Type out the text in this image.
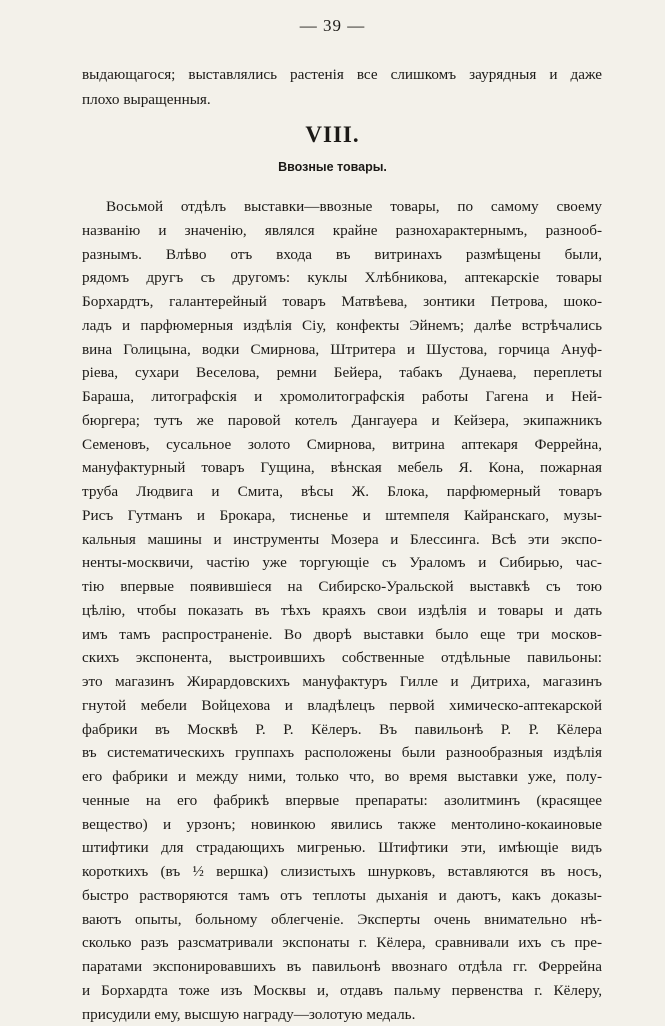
— 39 —
выдающагося; выставлялись растенія все слишкомъ заурядныя и даже
плохо выращенныя.
VIII.
Ввозные товары.
Восьмой отдѣлъ выставки—ввозные товары, по самому своему
названію и значенію, являлся крайне разнохарактернымъ, разнооб-
разнымъ. Влѣво отъ входа въ витринахъ размѣщены были,
рядомъ другъ съ другомъ: куклы Хлѣбникова, аптекарскіе товары
Борхардтъ, галантерейный товаръ Матвѣева, зонтики Петрова, шоко-
ладъ и парфюмерныя издѣлія Сіу, конфекты Эйнемъ; далѣе встрѣчались
вина Голицына, водки Смирнова, Штритера и Шустова, горчица Ануф-
ріева, сухари Веселова, ремни Бейера, табакъ Дунаева, переплеты
Бараша, литографскія и хромолитографскія работы Гагена и Ней-
бюргера; тутъ же паровой котелъ Дангауера и Кейзера, экипажникъ
Семеновъ, сусальное золото Смирнова, витрина аптекаря Феррейна,
мануфактурный товаръ Гущина, вѣнская мебель Я. Кона, пожарная
труба Людвига и Смита, вѣсы Ж. Блока, парфюмерный товаръ
Рисъ Гутманъ и Брокара, тисненье и штемпеля Кайранскаго, музы-
кальныя машины и инструменты Мозера и Блессинга. Всѣ эти экспо-
ненты-москвичи, частію уже торгующіе съ Ураломъ и Сибирью, час-
тію впервые появившіеся на Сибирско-Уральской выставкѣ съ тою
цѣлію, чтобы показать въ тѣхъ краяхъ свои издѣлія и товары и дать
имъ тамъ распространеніе. Во дворѣ выставки было еще три москов-
скихъ экспонента, выстроившихъ собственные отдѣльные павильоны:
это магазинъ Жирардовскихъ мануфактуръ Гилле и Дитриха, магазинъ
гнутой мебели Войцехова и владѣлецъ первой химическо-аптекарской
фабрики въ Москвѣ Р. Р. Кёлеръ. Въ павильонѣ Р. Р. Кёлера
въ систематическихъ группахъ расположены были разнообразныя издѣлія
его фабрики и между ними, только что, во время выставки уже, полу-
ченные на его фабрикѣ впервые препараты: азолитминъ (красящее
вещество) и урзонъ; новинкою явились также ментолино-кокаиновые
штифтики для страдающихъ мигренью. Штифтики эти, имѣющіе видъ
короткихъ (въ ½ вершка) слизистыхъ шнурковъ, вставляются въ носъ,
быстро растворяются тамъ отъ теплоты дыханія и даютъ, какъ доказы-
ваютъ опыты, больному облегченіе. Эксперты очень внимательно нѣ-
сколько разъ разсматривали экспонаты г. Кёлера, сравнивали ихъ съ пре-
паратами экспонировавшихъ въ павильонѣ ввознаго отдѣла гг. Феррейна
и Борхардта тоже изъ Москвы и, отдавъ пальму первенства г. Кёлеру,
присудили ему, высшую награду—золотую медаль.
